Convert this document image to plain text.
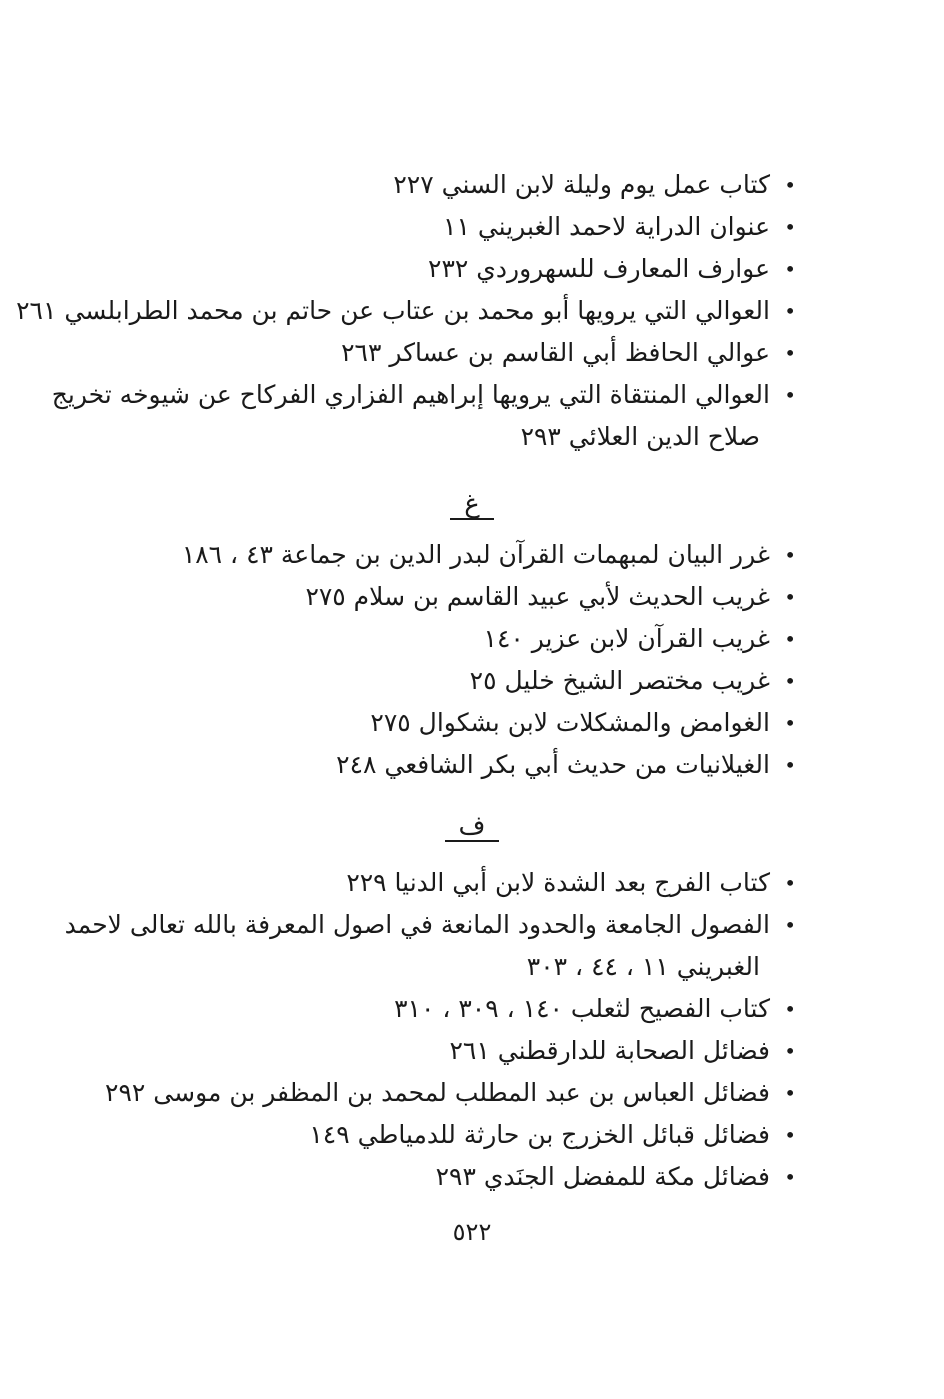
•
كتاب عمل يوم وليلة لابن السني ٢٢٧
•
عنوان الدراية لاحمد الغبريني ١١
•
عوارف المعارف للسهروردي ٢٣٢
•
العوالي التي يرويها أبو محمد بن عتاب عن حاتم بن محمد الطرابلسي ٢٦١
•
عوالي الحافظ أبي القاسم بن عساكر ٢٦٣
•
العوالي المنتقاة التي يرويها إبراهيم الفزاري الفركاح عن شيوخه تخريج
صلاح الدين العلائي ٢٩٣
غ
•
غرر البيان لمبهمات القرآن لبدر الدين بن جماعة ٤٣ ، ١٨٦
•
غريب الحديث لأبي عبيد القاسم بن سلام ٢٧٥
•
غريب القرآن لابن عزير ١٤٠
•
غريب مختصر الشيخ خليل ٢٥
•
الغوامض والمشكلات لابن بشكوال ٢٧٥
•
الغيلانيات من حديث أبي بكر الشافعي ٢٤٨
ف
•
كتاب الفرج بعد الشدة لابن أبي الدنيا ٢٢٩
•
الفصول الجامعة والحدود المانعة في اصول المعرفة بالله تعالى لاحمد
الغبريني ١١ ، ٤٤ ، ٣٠٣
•
كتاب الفصيح لثعلب ١٤٠ ، ٣٠٩ ، ٣١٠
•
فضائل الصحابة للدارقطني ٢٦١
•
فضائل العباس بن عبد المطلب لمحمد بن المظفر بن موسى ٢٩٢
•
فضائل قبائل الخزرج بن حارثة للدمياطي ١٤٩
•
فضائل مكة للمفضل الجنَدي ٢٩٣
٥٢٢
